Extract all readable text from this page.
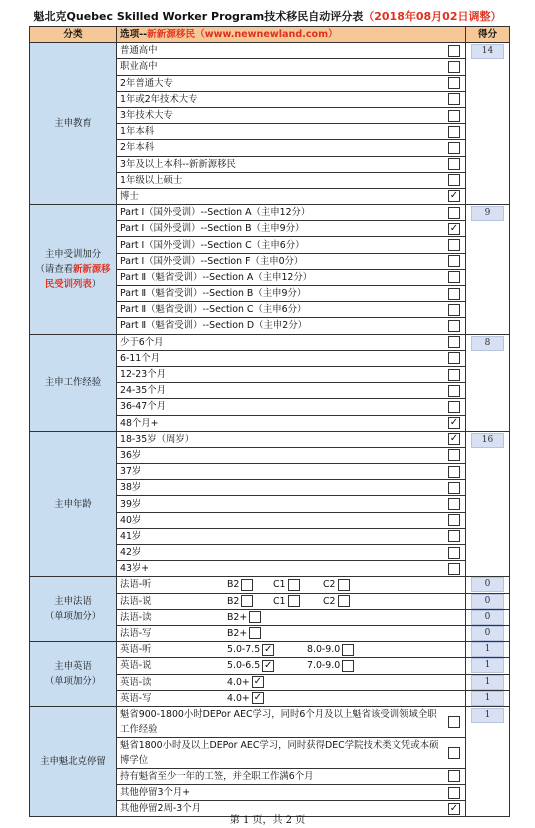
魁北克Quebec Skilled Worker Program技术移民自动评分表（2018年08月02日调整）
分类	选项--新新源移民（www.newnewland.com）	得分
主申教育	普通高中	14

	职业高中	

	2年普通大专	

	1年或2年技术大专	

	3年技术大专	

	1年本科	

	2年本科	

	3年及以上本科--新新源移民	

	1年级以上硕士	

	博士 ✓	

主申受训加分
（请查看新新源移民受训列表）	Part Ⅰ（国外受训）--Section A（主申12分）	9

	Part Ⅰ（国外受训）--Section B（主申9分） ✓	

	Part Ⅰ（国外受训）--Section C（主申6分）	

	Part Ⅰ（国外受训）--Section F（主申0分）	

	Part Ⅱ（魁省受训）--Section A（主申12分）	

	Part Ⅱ（魁省受训）--Section B（主申9分）	

	Part Ⅱ（魁省受训）--Section C（主申6分）	

	Part Ⅱ（魁省受训）--Section D（主申2分）	

主申工作经验	少于6个月	8

	6-11个月	

	12-23个月	

	24-35个月	

	36-47个月	

	48个月+ ✓	

主申年龄	18-35岁（周岁） ✓	16

	36岁	

	37岁	

	38岁	

	39岁	

	40岁	

	41岁	

	42岁	

	43岁+	

主申法语
（单项加分）	法语-听 B2 C1 C2	0

	法语-说 B2 C1 C2	0

	法语-读 B2+	0

	法语-写 B2+	0

主申英语
（单项加分）	英语-听 5.0-7.5 ✓ 8.0-9.0	1

	英语-说 5.0-6.5 ✓ 7.0-9.0	1

	英语-读 4.0+ ✓	1

	英语-写 4.0+ ✓	1

主申魁北克停留	魁省900-1800小时DEPor AEC学习，同时6个月及以上魁省该受训领域全职工作经验	1

	魁省1800小时及以上DEPor AEC学习，同时获得DEC学院技术类文凭或本硕博学位	

	持有魁省至少一年的工签，并全职工作满6个月	

	其他停留3个月+	

	其他停留2周-3个月 ✓	
第 1 页，共 2 页
